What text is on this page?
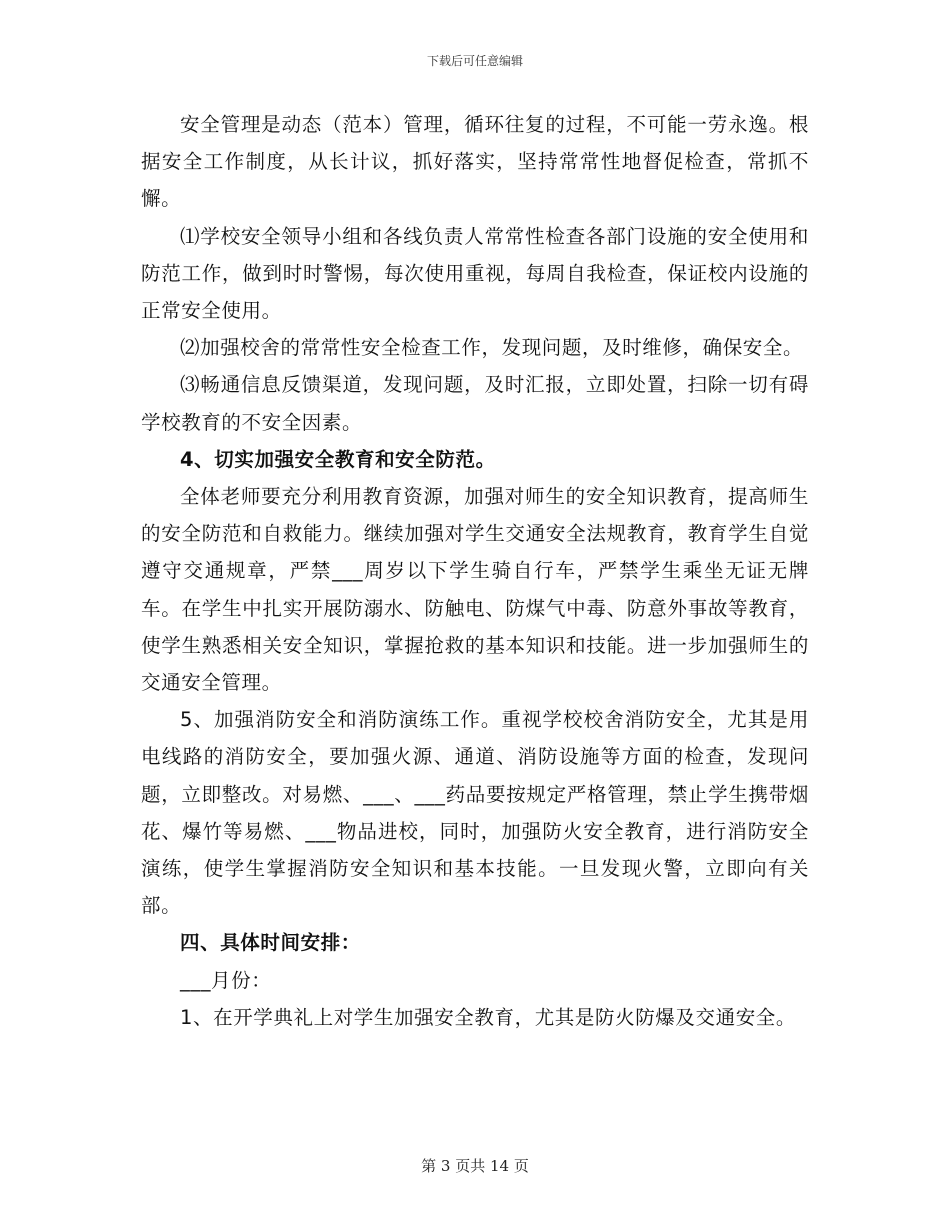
下载后可任意编辑

安全管理是动态（范本）管理，循环往复的过程，不可能一劳永逸。根据安全工作制度，从长计议，抓好落实，坚持常常性地督促检查，常抓不懈。

⑴学校安全领导小组和各线负责人常常性检查各部门设施的安全使用和防范工作，做到时时警惕，每次使用重视，每周自我检查，保证校内设施的正常安全使用。

⑵加强校舍的常常性安全检查工作，发现问题，及时维修，确保安全。

⑶畅通信息反馈渠道，发现问题，及时汇报，立即处置，扫除一切有碍学校教育的不安全因素。

4、切实加强安全教育和安全防范。

全体老师要充分利用教育资源，加强对师生的安全知识教育，提高师生的安全防范和自救能力。继续加强对学生交通安全法规教育，教育学生自觉遵守交通规章，严禁___周岁以下学生骑自行车，严禁学生乘坐无证无牌车。在学生中扎实开展防溺水、防触电、防煤气中毒、防意外事故等教育，使学生熟悉相关安全知识，掌握抢救的基本知识和技能。进一步加强师生的交通安全管理。

5、加强消防安全和消防演练工作。重视学校校舍消防安全，尤其是用电线路的消防安全，要加强火源、通道、消防设施等方面的检查，发现问题，立即整改。对易燃、___、___药品要按规定严格管理，禁止学生携带烟花、爆竹等易燃、___物品进校，同时，加强防火安全教育，进行消防安全演练，使学生掌握消防安全知识和基本技能。一旦发现火警，立即向有关部。

四、具体时间安排：

___月份：

1、在开学典礼上对学生加强安全教育，尤其是防火防爆及交通安全。

第 3 页共 14 页
